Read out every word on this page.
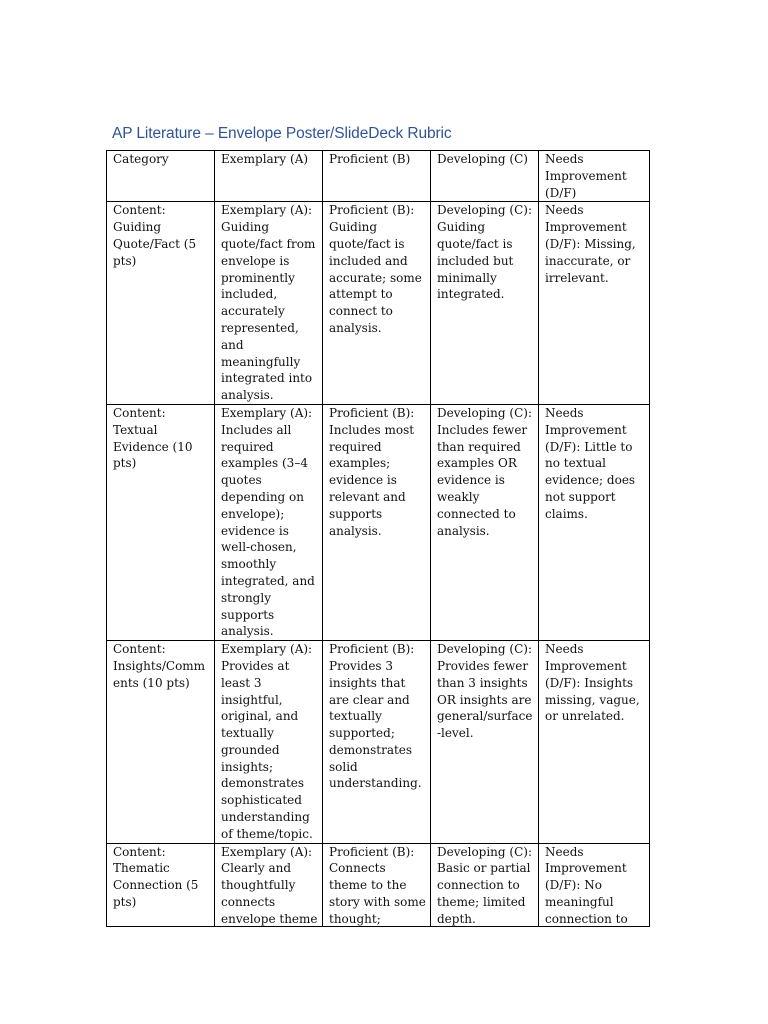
AP Literature – Envelope Poster/SlideDeck Rubric
Category	Exemplary (A)	Proficient (B)	Developing (C)	Needs Improvement (D/F)
Content: Guiding Quote/Fact (5 pts)	Exemplary (A): Guiding quote/fact from envelope is prominently included, accurately represented, and meaningfully integrated into analysis.	Proficient (B): Guiding quote/fact is included and accurate; some attempt to connect to analysis.	Developing (C): Guiding quote/fact is included but minimally integrated.	Needs Improvement (D/F): Missing, inaccurate, or irrelevant.
Content: Textual Evidence (10 pts)	Exemplary (A): Includes all required examples (3–4 quotes depending on envelope); evidence is well-chosen, smoothly integrated, and strongly supports analysis.	Proficient (B): Includes most required examples; evidence is relevant and supports analysis.	Developing (C): Includes fewer than required examples OR evidence is weakly connected to analysis.	Needs Improvement (D/F): Little to no textual evidence; does not support claims.
Content: Insights/Comments (10 pts)	Exemplary (A): Provides at least 3 insightful, original, and textually grounded insights; demonstrates sophisticated understanding of theme/topic.	Proficient (B): Provides 3 insights that are clear and textually supported; demonstrates solid understanding.	Developing (C): Provides fewer than 3 insights OR insights are general/surface-level.	Needs Improvement (D/F): Insights missing, vague, or unrelated.

Content: Thematic Connection (5 pts)	Exemplary (A): Clearly and thoughtfully connects envelope theme	Proficient (B): Connects theme to the story with some thought;	Developing (C): Basic or partial connection to theme; limited depth.	Needs Improvement (D/F): No meaningful connection to
